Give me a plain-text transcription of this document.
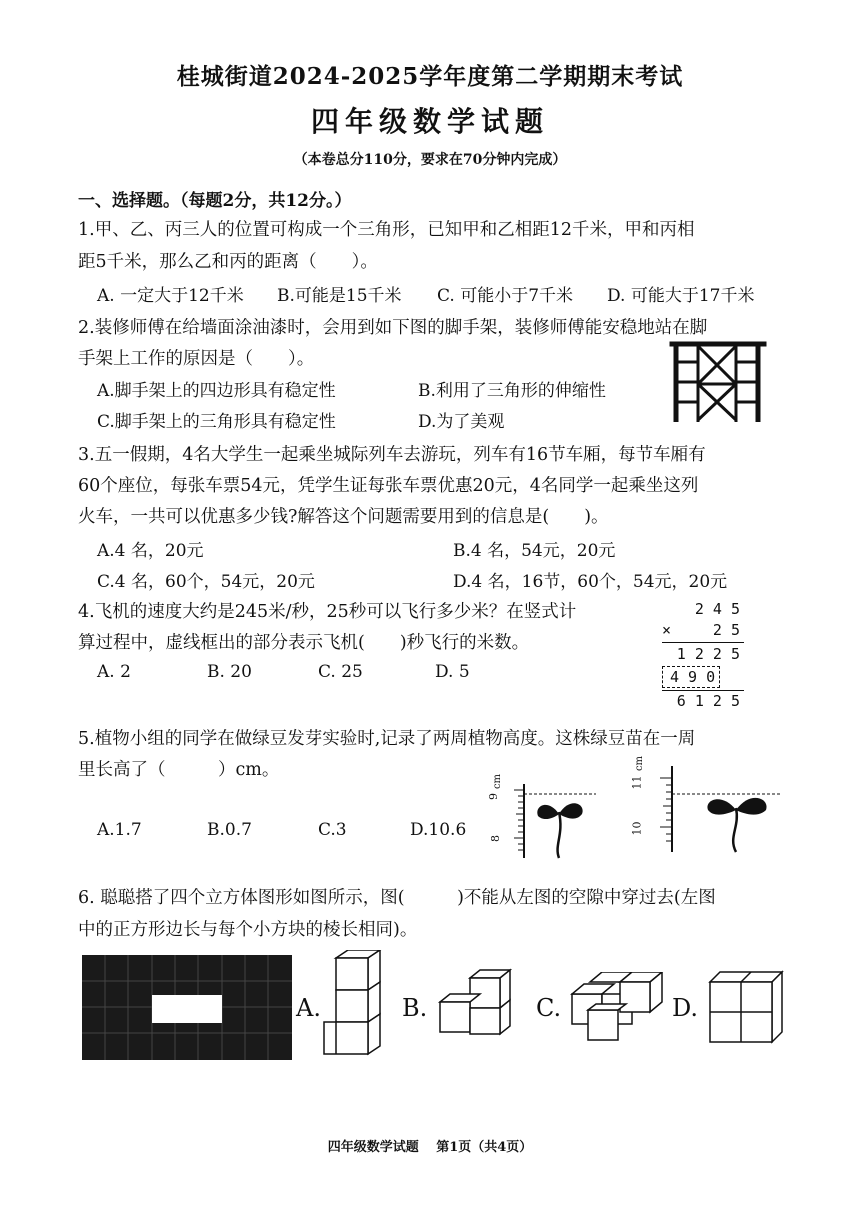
桂城街道2024-2025学年度第二学期期末考试
四年级数学试题
（本卷总分110分，要求在70分钟内完成）
一、选择题。（每题2分，共12分。）
1.甲、乙、丙三人的位置可构成一个三角形，已知甲和乙相距12千米，甲和丙相
距5千米，那么乙和丙的距离（　　）。
A. 一定大于12千米 B.可能是15千米 C. 可能小于7千米 D. 可能大于17千米
2.装修师傅在给墙面涂油漆时，会用到如下图的脚手架，装修师傅能安稳地站在脚
手架上工作的原因是（　　）。
A.脚手架上的四边形具有稳定性	B.利用了三角形的伸缩性
C.脚手架上的三角形具有稳定性	D.为了美观
3.五一假期，4名大学生一起乘坐城际列车去游玩，列车有16节车厢，每节车厢有
60个座位，每张车票54元，凭学生证每张车票优惠20元，4名同学一起乘坐这列
火车，一共可以优惠多少钱?解答这个问题需要用到的信息是(　　)。
A.4 名，20元	B.4 名，54元，20元
C.4 名，60个，54元，20元	D.4 名，16节，60个，54元，20元
4.飞机的速度大约是245米/秒，25秒可以飞行多少米？在竖式计
算过程中，虚线框出的部分表示飞机(　　)秒飞行的米数。
A. 2	B. 20	C. 25	D. 5
2 4 5
×	2 5
1 2 2 5
4 9 0
6 1 2 5
5.植物小组的同学在做绿豆发芽实验时,记录了两周植物高度。这株绿豆苗在一周
里长高了（　　　）cm。
A.1.7	B.0.7	C.3	D.10.6
cm
9
8
cm
11
10
6. 聪聪搭了四个立方体图形如图所示，图(　　　)不能从左图的空隙中穿过去(左图
中的正方形边长与每个小方块的棱长相同)。
A.	B.	C.	D.
四年级数学试题　 第1页（共4页）
